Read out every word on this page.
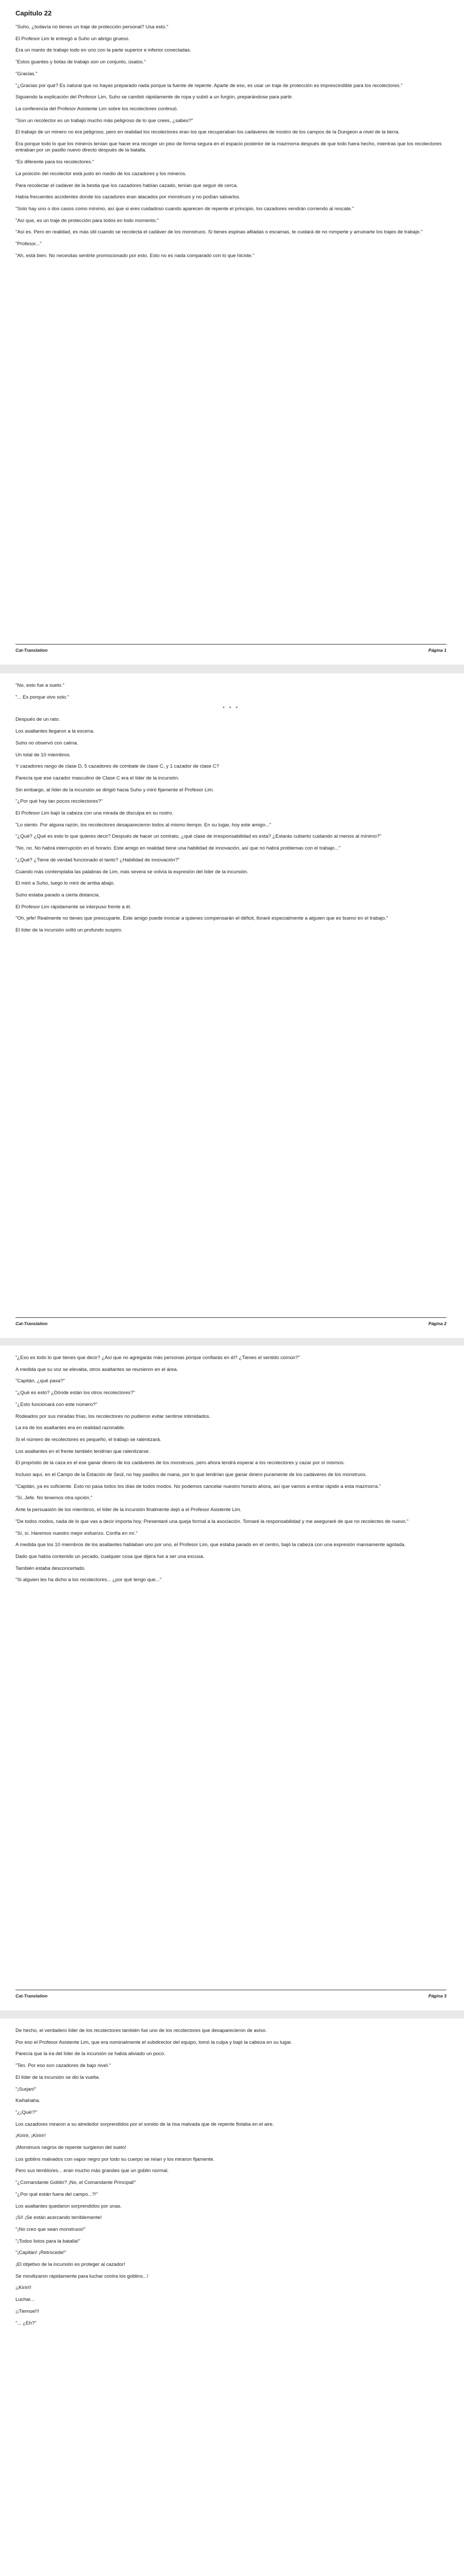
Capítulo 22

"Suho, ¿todavía no tienes un traje de protección personal? Usa esto."

El Profesor Lim le entregó a Suho un abrigo grueso.

Era un manto de trabajo todo en uno con la parte superior e inferior conectadas.

"Estos guantes y botas de trabajo son un conjunto, úsalos."

"Gracias."

"¿Gracias por qué? Es natural que no hayas preparado nada porque la fuente de repente. Aparte de eso, es usar un traje de protección es imprescindible para los recolectores."

Siguiendo la explicación del Profesor Lim, Suho se cambió rápidamente de ropa y subió a un furgón, preparándose para partir.

La conferencia del Profesor Asistente Lim sobre los recolectores continuó.

"Son un recolector es un trabajo mucho más peligroso de lo que crees, ¿sabes?"

El trabajo de un minero no era peligroso, pero en realidad los recolectores eran los que recuperaban los cadáveres de mostro de los campos de la Dungeon a nivel de la tierra.

Era porque todo lo que los mineros tenían que hacer era recoger un piso de forma segura en el espacio posterior de la mazmorra después de que todo fuera hecho, mientras que los recolectores entraban por un pasillo nuevo directo después de la batalla.

"Es diferente para los recolectores."

La posición del recolector está justo en medio de los cazadores y los mineros.

Para recolectar el cadáver de la bestia que los cazadores habían cazado, tenían que seguir de cerca.

Había frecuentes accidentes donde los cazadores eran atacados por monstruos y no podían salvarlos.

"Solo hay uno o dos casos como mínimo, así que si eres cuidadoso cuando aparecen de repente el principio, los cazadores vendrán corriendo al rescate."

"Así que, es un traje de protección para todos en todo momento."

"Así es. Pero en realidad, es más útil cuando se recolecta el cadáver de los monstruos. Si tienes espinas afiladas o escamas, te cuidará de no romperte y arruinarte los trajes de trabajo."

"Profesor..."

"Ah, está bien. No necesitas sentirte promocionado por esto. Esto no es nada comparado con lo que hiciste."

Cat-Translation	Página 1

"No, esto fue a suelo."

"... Es porque vivo solo."

* * *

Después de un rato.

Los asaltantes llegaron a la escena.

Suho no observó con calma.

Un total de 10 miembros.

Y cazadores rango de clase D, 5 cazadores de combate de clase C, y 1 cazador de clase C?

Parecía que ese cazador masculino de Clase C era el líder de la incursión.

Sin embargo, al líder de la incursión se dirigió hacia Suho y miró fijamente el Profesor Lim.

"¿Por qué hay tan pocos recolectores?"

El Profesor Lim bajó la cabeza con una mirada de disculpa en su rostro.

"Lo siento. Por alguna razón, los recolectores desaparecieron todos al mismo tiempo. En su lugar, hoy este amigo..."

"¿Qué? ¿Qué es esto lo que quieres decir? Después de hacer un contrato, ¿qué clase de irresponsabilidad es esta? ¿Estarás cubierto cuidando al menos al mínimo?"

"No, no. No habrá interrupción en el horario. Este amigo en realidad tiene una habilidad de innovación, así que no habrá problemas con el trabajo..."

"¿Qué? ¿Tiene de verdad funcionado el tanto? ¿Habilidad de innovación?"

Cuando más contemplaba las palabras de Lim, más severa se volvía la expresión del líder de la incursión.

El miró a Suho, luego lo miró de arriba abajo.

Suho estaba parado a cierta distancia.

El Profesor Lim rápidamente se interpuso frente a él.

"Oh, jefe! Realmente no tienes que preocuparte. Este amigo puede invocar a quienes compensarán el déficit, lloraré especialmente a alguien que es bueno en el trabajo."

El líder de la incursión soltó un profundo suspiro.

Cat-Translation	Página 2

"¿Eso es todo lo que tienes que decir? ¿Así que no agregarás más personas porque confiarás en él? ¿Tienes el sentido común?"

A medida que su voz se elevaba, otros asaltantes se reunieron en el área.

"Capitán, ¿qué pasa?"

"¿Qué es esto? ¿Dónde están los otros recolectores?"

"¿Esto funcionará con este número?"

Rodeados por sus miradas frías, los recolectores no pudieron evitar sentirse intimidados.

La ira de los asaltantes era en realidad razonable.

Si el número de recolectores es pequeño, el trabajo se ralentizará.

Los asaltantes en el frente también tendrían que ralentizarse.

El propósito de la caza es el ese ganar dinero de los cadáveres de los monstruos, pero ahora tendrá esperar a los recolectores y cazar por sí mismos.

Incluso aquí, en el Campo de la Estación de Seúl, no hay pasillos de mana, por lo que tendrían que ganar dinero puramente de los cadáveres de los monstruos.

"Capitán, ya es suficiente. Esto no pasa todos los días de todos modos. No podemos cancelar nuestro horario ahora, así que vamos a entrar rápido a esta mazmorra."

"Sí, Jefe. No tenemos otra opción."

Ante la persuasión de los miembros, el líder de la incursión finalmente dejó a el Profesor Asistente Lim.

"De todos modos, nada de lo que vas a decir importa hoy. Presentaré una queja formal a la asociación. Tomaré la responsabilidad y me aseguraré de que no recolectes de nuevo."

"Sí, sí. Haremos nuestro mejor esfuerzo. Confía en mí."

A medida que los 10 miembros de los asaltantes hablaban uno por uno, el Profesor Lim, que estaba parado en el centro, bajó la cabeza con una expresión mansamente agotada.

Dado que había contenido un pecado, cualquier cosa que dijera fue a ser una excusa.

También estaba desconcertado.

"Si alguien les ha dicho a los recolectores... ¿por qué tengo que..."

Cat-Translation	Página 3

De hecho, el verdadero líder de los recolectores también fue uno de los recolectores que desaparecieron de aviso.

Por eso el Profesor Asistente Lim, que era nominalmente el subdirector del equipo, tomó la culpa y bajó la cabeza en su lugar.

Parecía que la ira del líder de la incursión se había aliviado un poco.

"Ten. Por eso son cazadores de bajo nivel."

El líder de la incursión se dio la vuelta.

"¡Surjan!"

Kwhahaha.

"¿¡Qué!?"

Los cazadores miraron a su alrededor sorprendidos por el sonido de la risa malvada que de repente flotaba en el aire.

¡Kiririr, ¡Kiririr!

¡Monstruos negros de repente surgieron del suelo!

Los goblins malvados con vapor negro por todo su cuerpo se reían y los miraron fijamente.

Pero sus temblores... eran mucho más grandes que un goblin normal.

"¿Comandante Goblin? ¡No, el Comandante Principal!"

"¿Por qué están fuera del campo...?!"

Los asaltantes quedaron sorprendidos por unas.

¡Sí! ¡Se están acercando terriblemente!

"¡No creo que sean monstruos!"

"¡Todos listos para la batalla!"

"¡Capitán! ¡Retrocede!"

¡El objetivo de la incursión es proteger al cazador!

Se movilizaron rápidamente para luchar contra los goblins...!

¡¡Kiriri!!

Luchar...

¡¡Tiemue!!!

"... ¿Eh?"
